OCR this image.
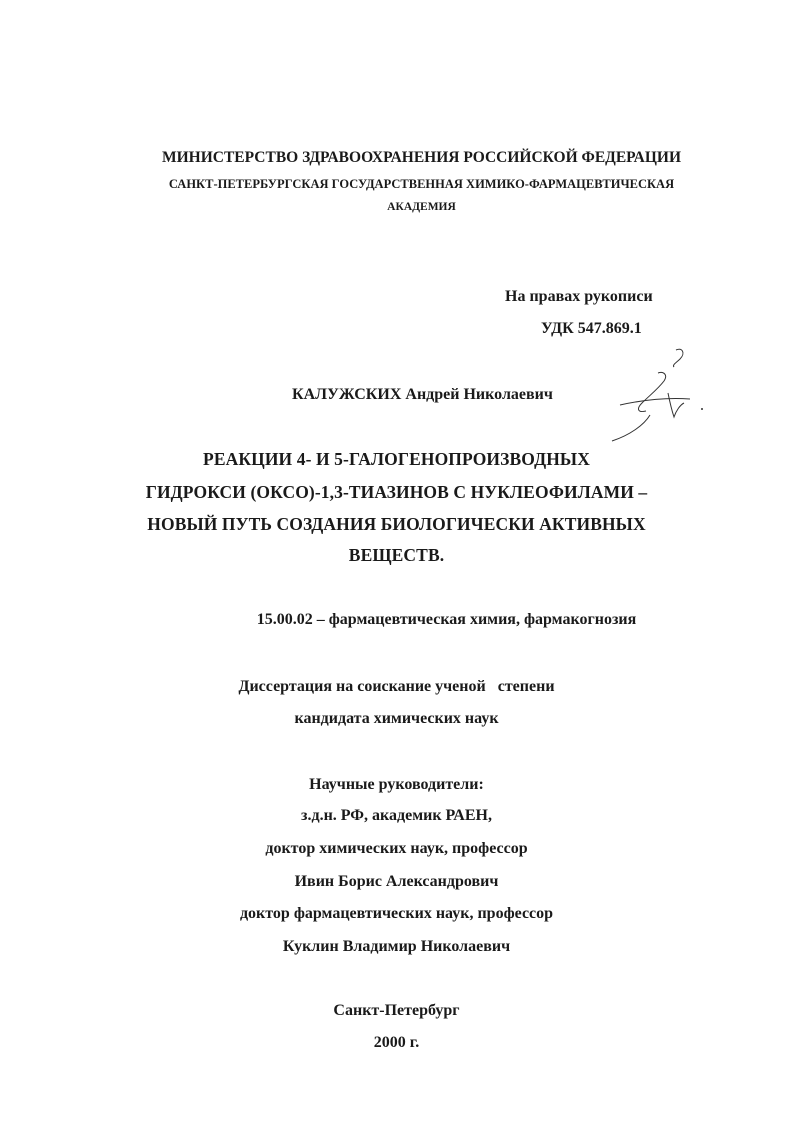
МИНИСТЕРСТВО ЗДРАВООХРАНЕНИЯ РОССИЙСКОЙ ФЕДЕРАЦИИ
САНКТ-ПЕТЕРБУРГСКАЯ ГОСУДАРСТВЕННАЯ ХИМИКО-ФАРМАЦЕВТИЧЕСКАЯ
АКАДЕМИЯ
На правах рукописи
УДК 547.869.1
КАЛУЖСКИХ Андрей Николаевич
РЕАКЦИИ 4- И 5-ГАЛОГЕНОПРОИЗВОДНЫХ
ГИДРОКСИ (ОКСО)-1,3-ТИАЗИНОВ С НУКЛЕОФИЛАМИ –
НОВЫЙ ПУТЬ СОЗДАНИЯ БИОЛОГИЧЕСКИ АКТИВНЫХ
ВЕЩЕСТВ.
15.00.02 – фармацевтическая химия, фармакогнозия
Диссертация на соискание ученой   степени
кандидата химических наук
Научные руководители:
з.д.н. РФ, академик РАЕН,
доктор химических наук, профессор
Ивин Борис Александрович
доктор фармацевтических наук, профессор
Куклин Владимир Николаевич
Санкт-Петербург
2000 г.
